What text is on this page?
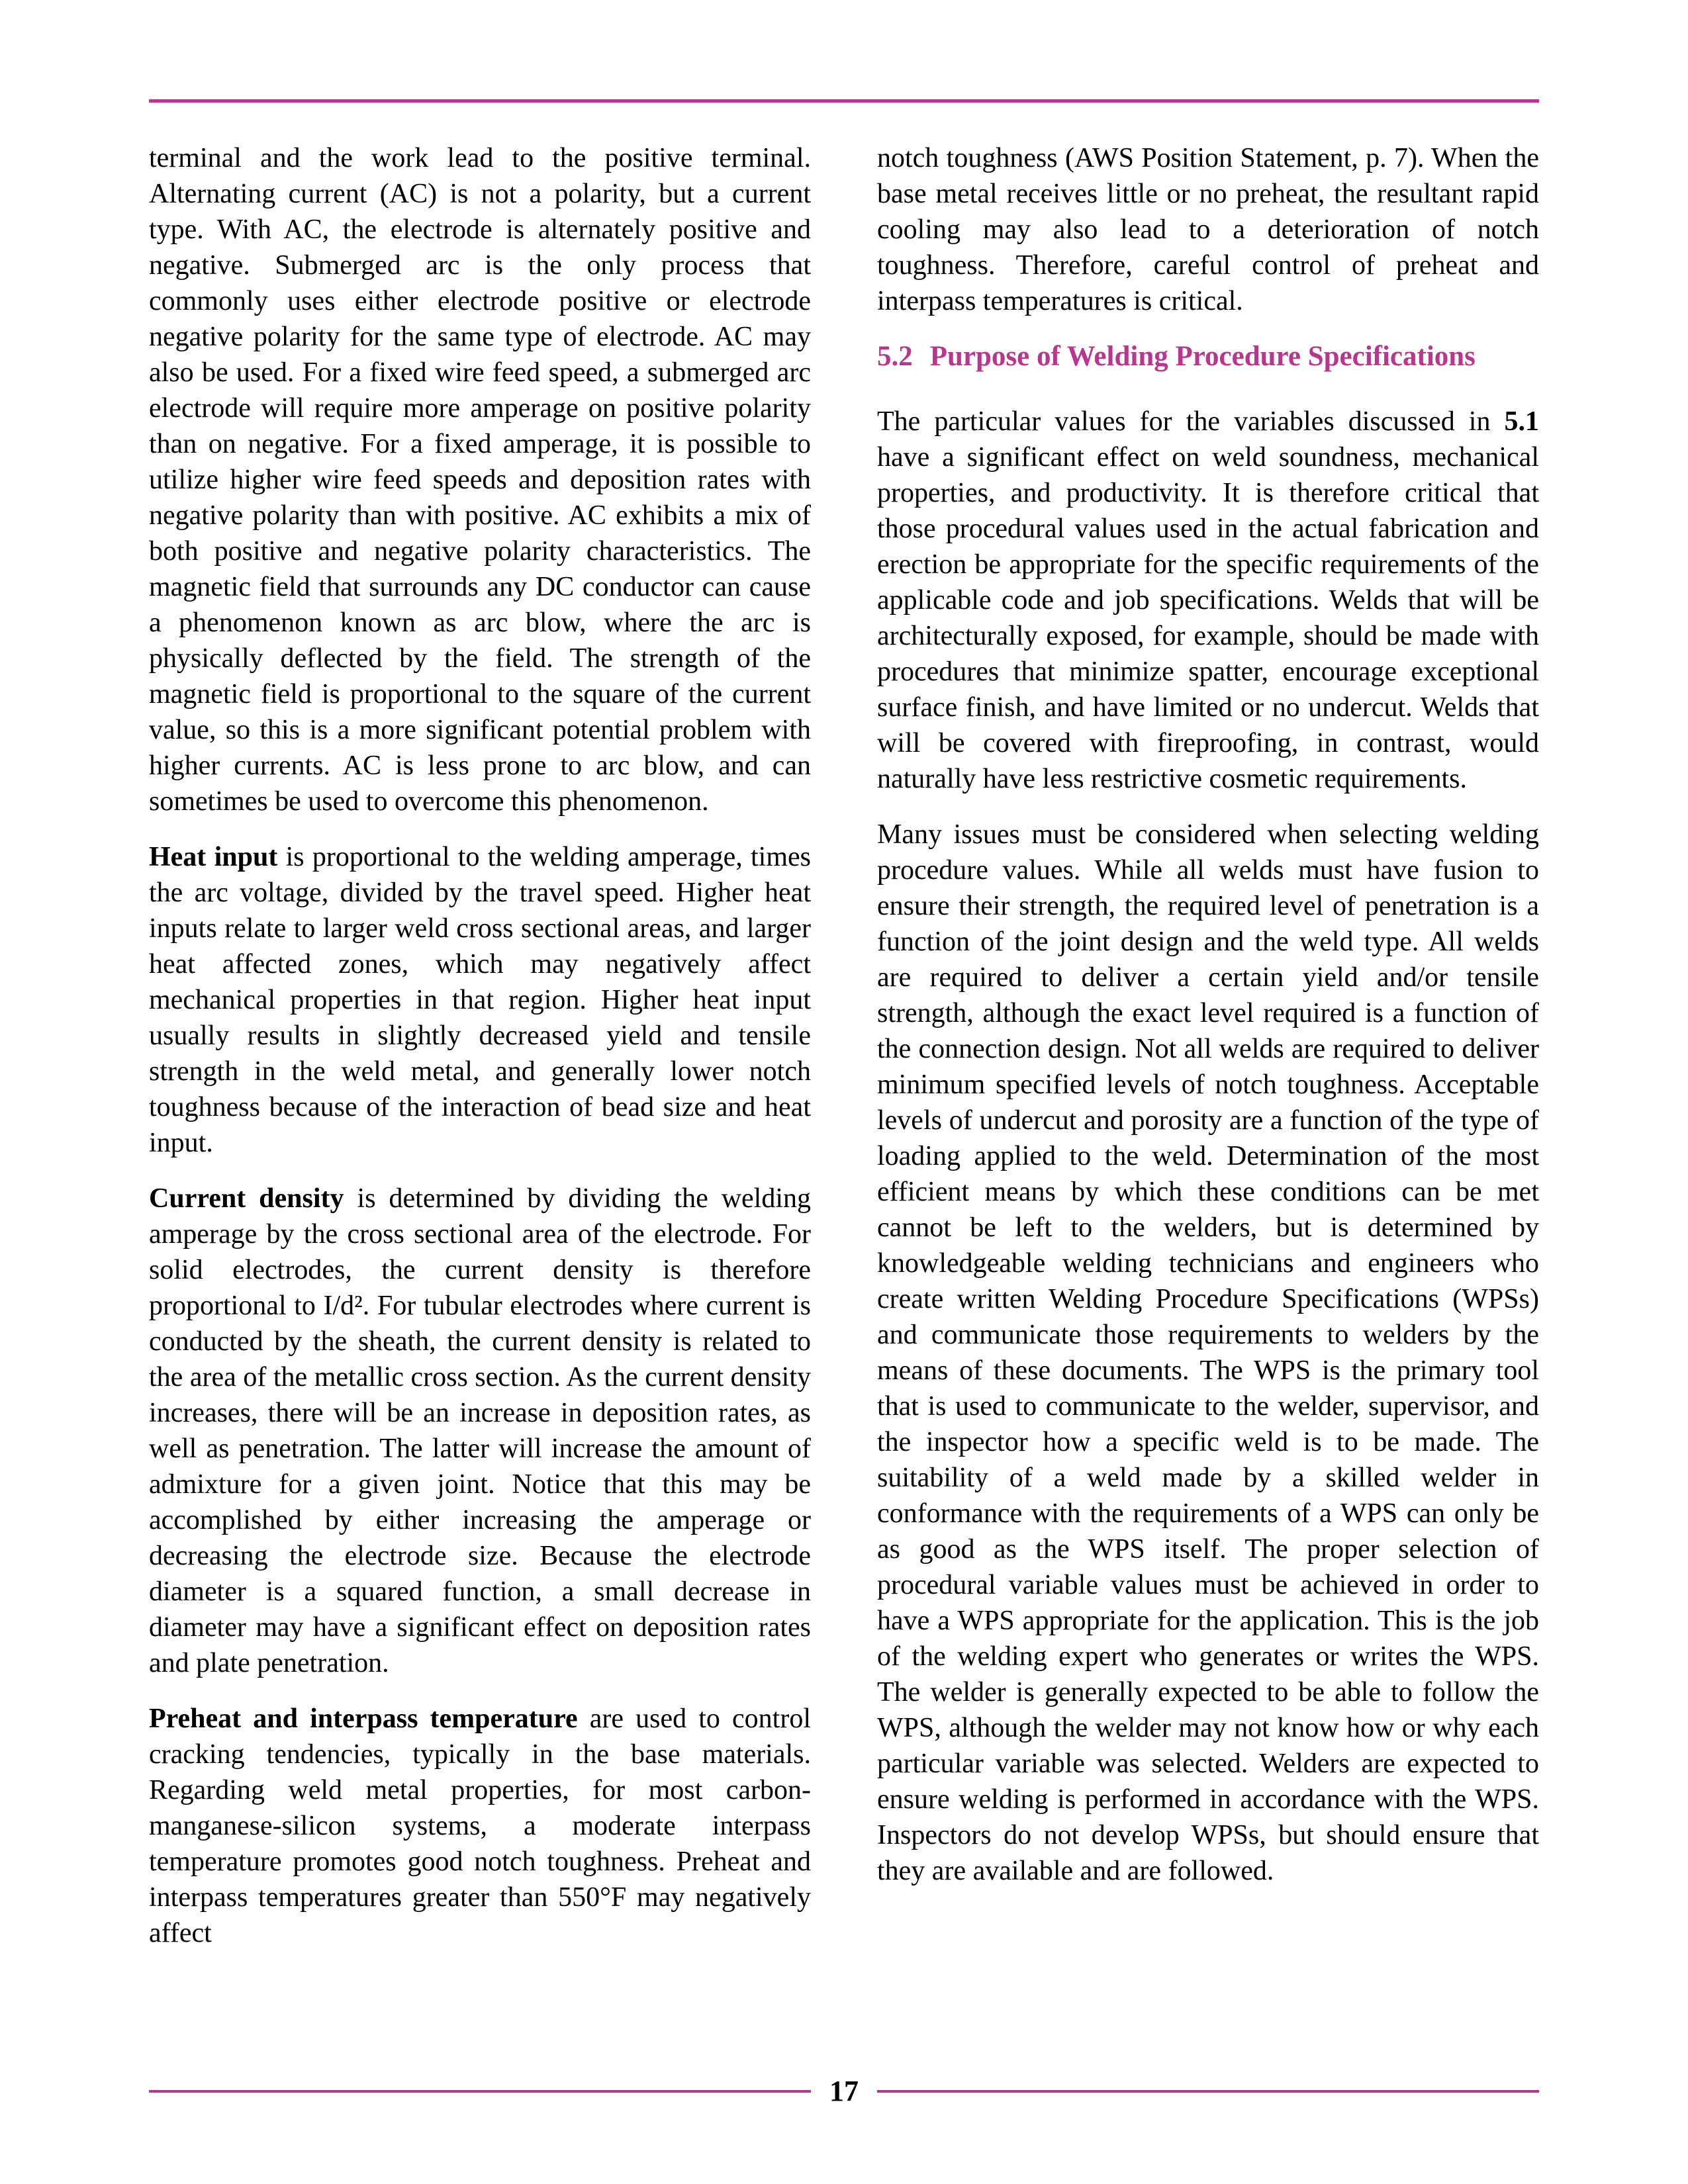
terminal and the work lead to the positive terminal. Alternating current (AC) is not a polarity, but a current type. With AC, the electrode is alternately positive and negative. Submerged arc is the only process that commonly uses either electrode positive or electrode negative polarity for the same type of electrode. AC may also be used. For a fixed wire feed speed, a submerged arc electrode will require more amperage on positive polarity than on negative. For a fixed amperage, it is possible to utilize higher wire feed speeds and deposition rates with negative polarity than with positive. AC exhibits a mix of both positive and negative polarity characteristics. The magnetic field that surrounds any DC conductor can cause a phenomenon known as arc blow, where the arc is physically deflected by the field. The strength of the magnetic field is proportional to the square of the current value, so this is a more significant potential problem with higher currents. AC is less prone to arc blow, and can sometimes be used to overcome this phenomenon.

Heat input is proportional to the welding amperage, times the arc voltage, divided by the travel speed. Higher heat inputs relate to larger weld cross sectional areas, and larger heat affected zones, which may negatively affect mechanical properties in that region. Higher heat input usually results in slightly decreased yield and tensile strength in the weld metal, and generally lower notch toughness because of the interaction of bead size and heat input.

Current density is determined by dividing the welding amperage by the cross sectional area of the electrode. For solid electrodes, the current density is therefore proportional to I/d². For tubular electrodes where current is conducted by the sheath, the current density is related to the area of the metallic cross section. As the current density increases, there will be an increase in deposition rates, as well as penetration. The latter will increase the amount of admixture for a given joint. Notice that this may be accomplished by either increasing the amperage or decreasing the electrode size. Because the electrode diameter is a squared function, a small decrease in diameter may have a significant effect on deposition rates and plate penetration.

Preheat and interpass temperature are used to control cracking tendencies, typically in the base materials. Regarding weld metal properties, for most carbon-manganese-silicon systems, a moderate interpass temperature promotes good notch toughness. Preheat and interpass temperatures greater than 550°F may negatively affect

notch toughness (AWS Position Statement, p. 7). When the base metal receives little or no preheat, the resultant rapid cooling may also lead to a deterioration of notch toughness. Therefore, careful control of preheat and interpass temperatures is critical.

5.2 Purpose of Welding Procedure Specifications

The particular values for the variables discussed in 5.1 have a significant effect on weld soundness, mechanical properties, and productivity. It is therefore critical that those procedural values used in the actual fabrication and erection be appropriate for the specific requirements of the applicable code and job specifications. Welds that will be architecturally exposed, for example, should be made with procedures that minimize spatter, encourage exceptional surface finish, and have limited or no undercut. Welds that will be covered with fireproofing, in contrast, would naturally have less restrictive cosmetic requirements.

Many issues must be considered when selecting welding procedure values. While all welds must have fusion to ensure their strength, the required level of penetration is a function of the joint design and the weld type. All welds are required to deliver a certain yield and/or tensile strength, although the exact level required is a function of the connection design. Not all welds are required to deliver minimum specified levels of notch toughness. Acceptable levels of undercut and porosity are a function of the type of loading applied to the weld. Determination of the most efficient means by which these conditions can be met cannot be left to the welders, but is determined by knowledgeable welding technicians and engineers who create written Welding Procedure Specifications (WPSs) and communicate those requirements to welders by the means of these documents. The WPS is the primary tool that is used to communicate to the welder, supervisor, and the inspector how a specific weld is to be made. The suitability of a weld made by a skilled welder in conformance with the requirements of a WPS can only be as good as the WPS itself. The proper selection of procedural variable values must be achieved in order to have a WPS appropriate for the application. This is the job of the welding expert who generates or writes the WPS. The welder is generally expected to be able to follow the WPS, although the welder may not know how or why each particular variable was selected. Welders are expected to ensure welding is performed in accordance with the WPS. Inspectors do not develop WPSs, but should ensure that they are available and are followed.

17
